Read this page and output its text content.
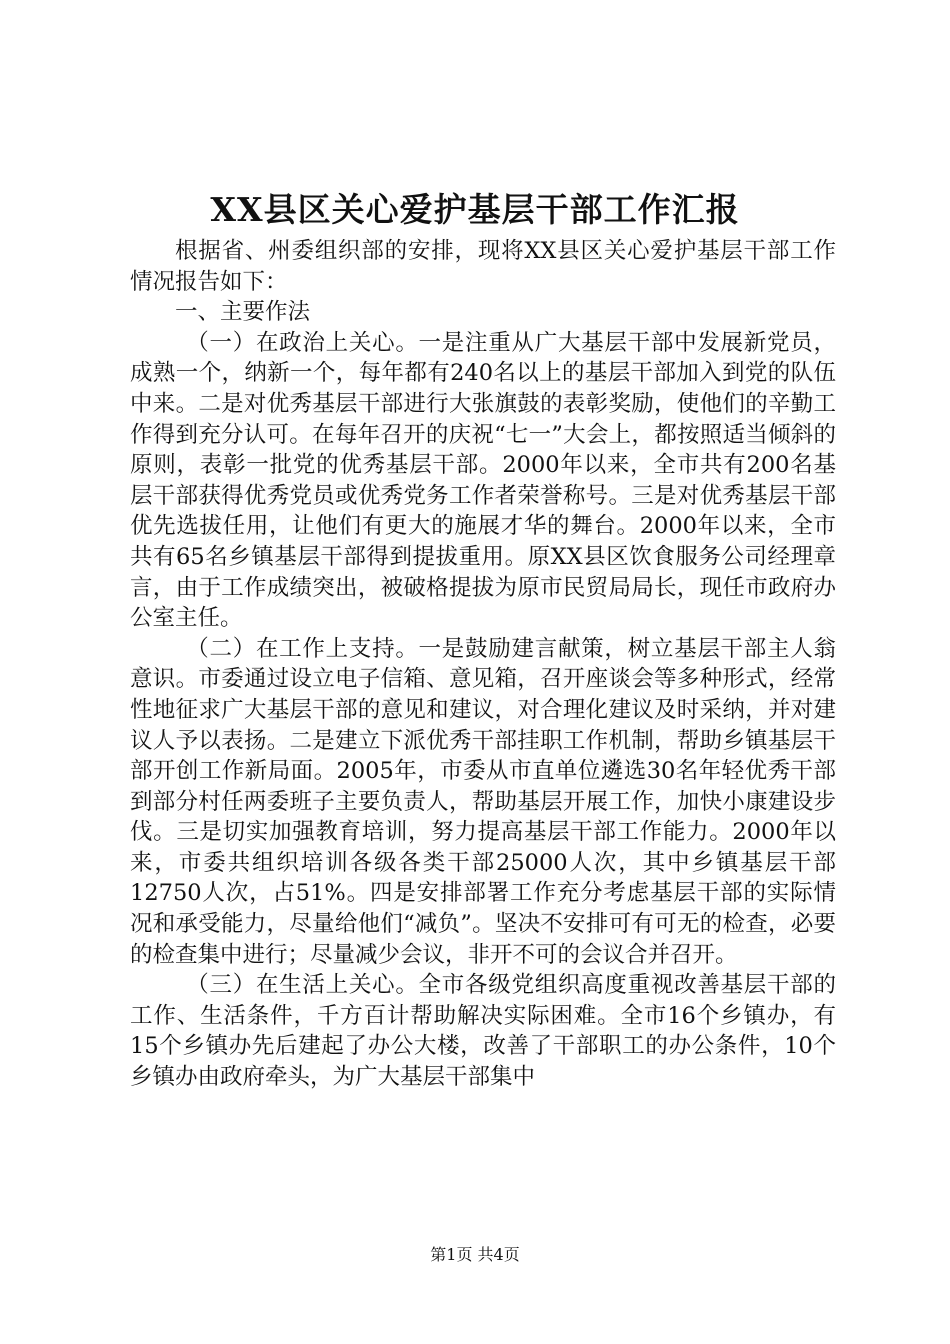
XX县区关心爱护基层干部工作汇报

根据省、州委组织部的安排，现将XX县区关心爱护基层干部工作情况报告如下：

一、主要作法

（一）在政治上关心。一是注重从广大基层干部中发展新党员，成熟一个，纳新一个，每年都有240名以上的基层干部加入到党的队伍中来。二是对优秀基层干部进行大张旗鼓的表彰奖励，使他们的辛勤工作得到充分认可。在每年召开的庆祝“七一”大会上，都按照适当倾斜的原则，表彰一批党的优秀基层干部。2000年以来，全市共有200名基层干部获得优秀党员或优秀党务工作者荣誉称号。三是对优秀基层干部优先选拔任用，让他们有更大的施展才华的舞台。2000年以来，全市共有65名乡镇基层干部得到提拔重用。原XX县区饮食服务公司经理章言，由于工作成绩突出，被破格提拔为原市民贸局局长，现任市政府办公室主任。

（二）在工作上支持。一是鼓励建言献策，树立基层干部主人翁意识。市委通过设立电子信箱、意见箱，召开座谈会等多种形式，经常性地征求广大基层干部的意见和建议，对合理化建议及时采纳，并对建议人予以表扬。二是建立下派优秀干部挂职工作机制，帮助乡镇基层干部开创工作新局面。2005年，市委从市直单位遴选30名年轻优秀干部到部分村任两委班子主要负责人，帮助基层开展工作，加快小康建设步伐。三是切实加强教育培训，努力提高基层干部工作能力。2000年以来，市委共组织培训各级各类干部25000人次，其中乡镇基层干部12750人次，占51%。四是安排部署工作充分考虑基层干部的实际情况和承受能力，尽量给他们“减负”。坚决不安排可有可无的检查，必要的检查集中进行；尽量减少会议，非开不可的会议合并召开。

（三）在生活上关心。全市各级党组织高度重视改善基层干部的工作、生活条件，千方百计帮助解决实际困难。全市16个乡镇办，有15个乡镇办先后建起了办公大楼，改善了干部职工的办公条件，10个乡镇办由政府牵头，为广大基层干部集中

第1页 共4页
